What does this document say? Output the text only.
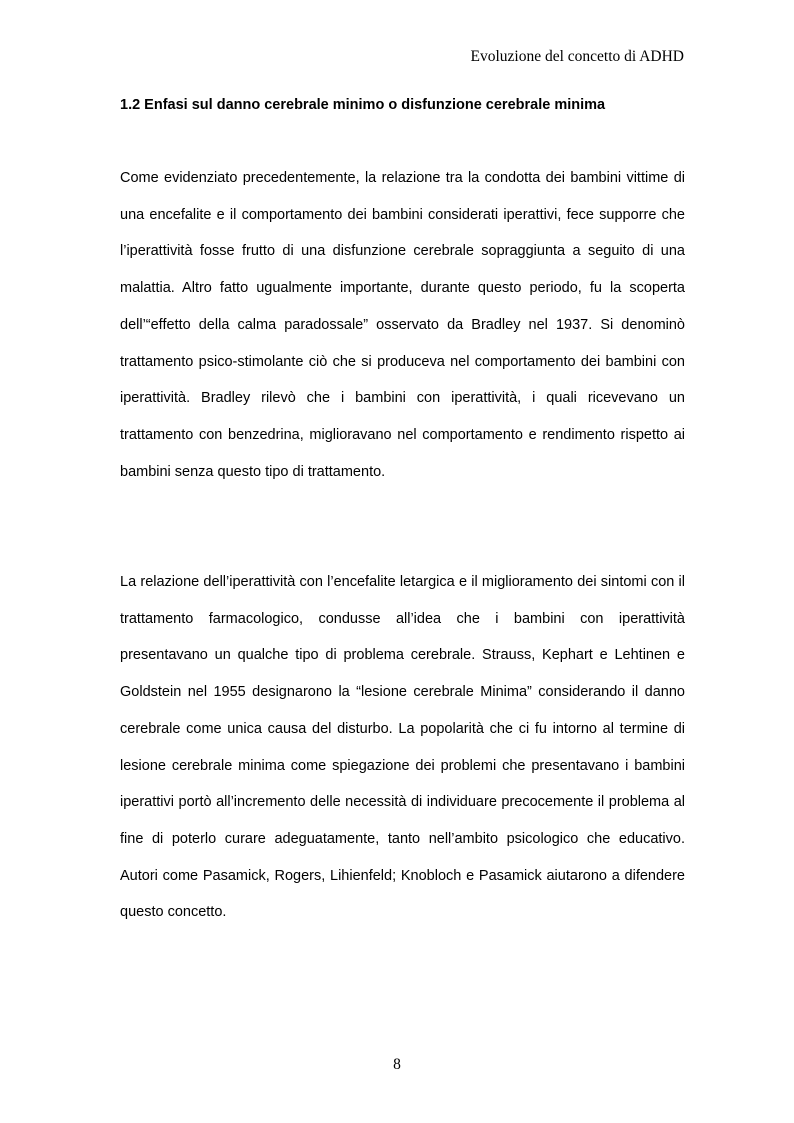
Evoluzione del concetto di ADHD
1.2 Enfasi sul danno cerebrale minimo o disfunzione cerebrale minima

Come evidenziato precedentemente, la relazione tra la condotta dei bambini vittime di una encefalite e il comportamento dei bambini considerati iperattivi, fece supporre che l’iperattività fosse frutto di una disfunzione cerebrale sopraggiunta a seguito di una malattia. Altro fatto ugualmente importante, durante questo periodo, fu la scoperta dell’“effetto della calma paradossale” osservato da Bradley nel 1937. Si denominò trattamento psico-stimolante ciò che si produceva nel comportamento dei bambini con iperattività. Bradley rilevò che i bambini con iperattività, i quali ricevevano un trattamento con benzedrina, miglioravano nel comportamento e rendimento rispetto ai bambini senza questo tipo di trattamento.

La relazione dell’iperattività con l’encefalite letargica e il miglioramento dei sintomi con il trattamento farmacologico, condusse all’idea che i bambini con iperattività presentavano un qualche tipo di problema cerebrale. Strauss, Kephart e Lehtinen e Goldstein nel 1955 designarono la “lesione cerebrale Minima” considerando il danno cerebrale come unica causa del disturbo. La popolarità che ci fu intorno al termine di lesione cerebrale minima come spiegazione dei problemi che presentavano i bambini iperattivi portò all’incremento delle necessità di individuare precocemente il problema al fine di poterlo curare adeguatamente, tanto nell’ambito psicologico che educativo. Autori come Pasamick, Rogers, Lihienfeld; Knobloch e Pasamick aiutarono a difendere questo concetto.

8
